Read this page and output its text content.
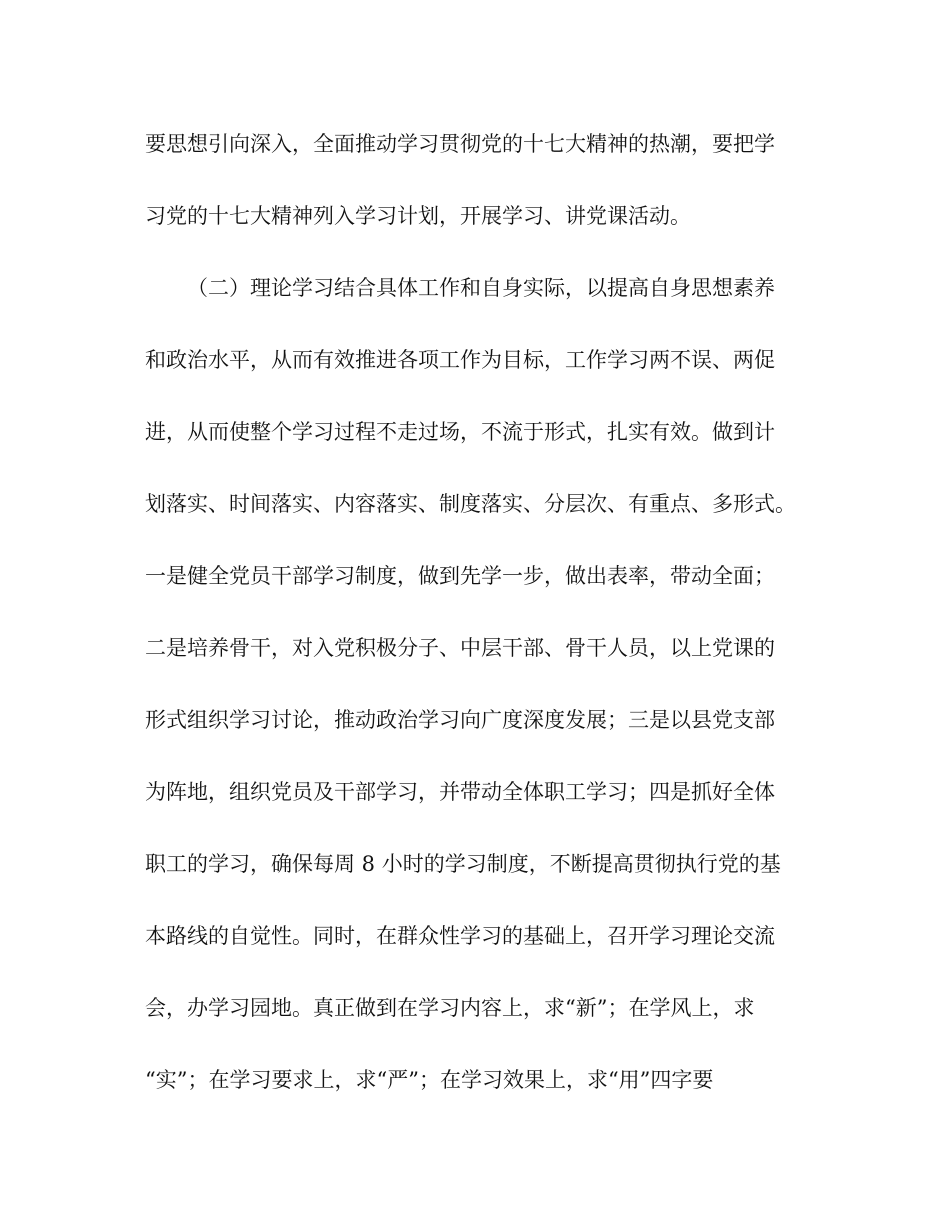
要思想引向深入，全面推动学习贯彻党的十七大精神的热潮，要把学
习党的十七大精神列入学习计划，开展学习、讲党课活动。
（二）理论学习结合具体工作和自身实际，以提高自身思想素养
和政治水平，从而有效推进各项工作为目标，工作学习两不误、两促
进，从而使整个学习过程不走过场，不流于形式，扎实有效。做到计
划落实、时间落实、内容落实、制度落实、分层次、有重点、多形式。
一是健全党员干部学习制度，做到先学一步，做出表率，带动全面；
二是培养骨干，对入党积极分子、中层干部、骨干人员，以上党课的
形式组织学习讨论，推动政治学习向广度深度发展；三是以县党支部
为阵地，组织党员及干部学习，并带动全体职工学习；四是抓好全体
职工的学习，确保每周 8 小时的学习制度，不断提高贯彻执行党的基
本路线的自觉性。同时，在群众性学习的基础上，召开学习理论交流
会，办学习园地。真正做到在学习内容上，求“新”；在学风上，求
“实”；在学习要求上，求“严”；在学习效果上，求“用”四字要
